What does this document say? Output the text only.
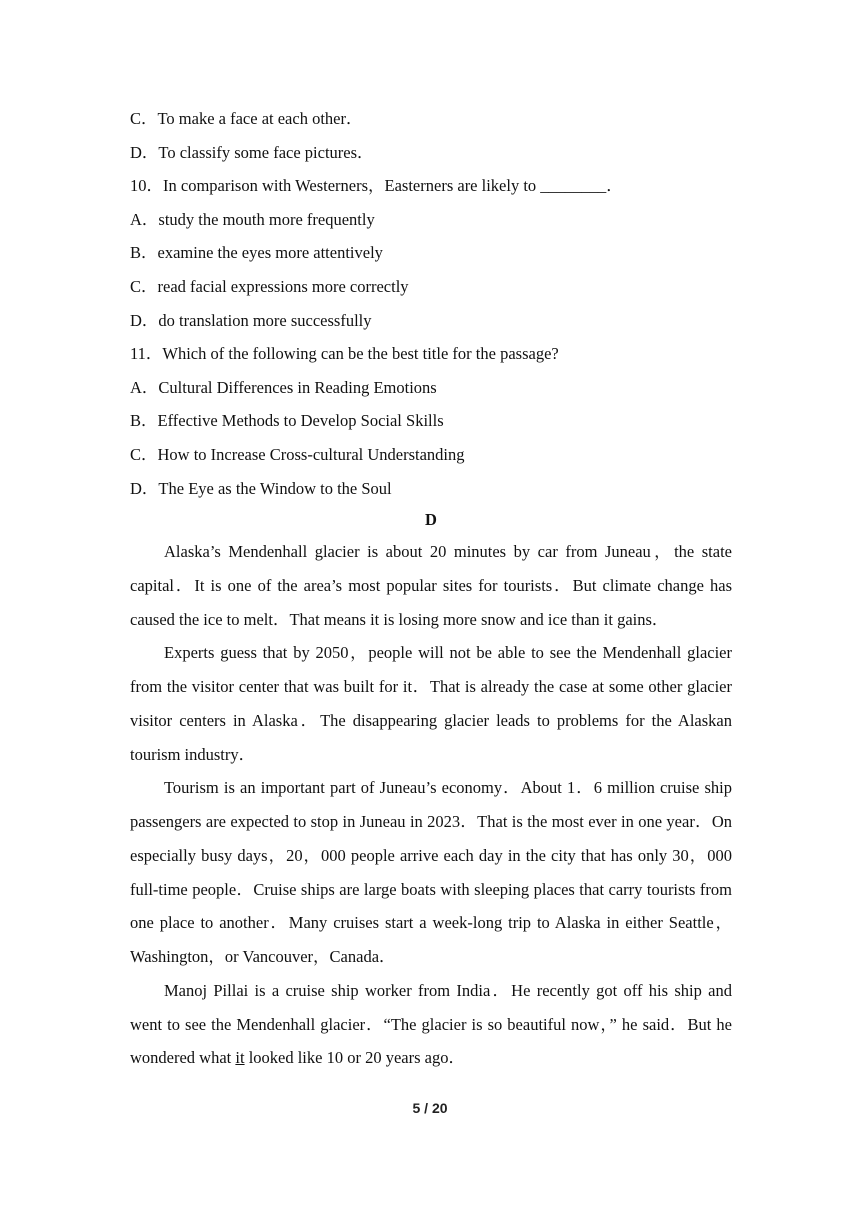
C．To make a face at each other．
D．To classify some face pictures．
10．In comparison with Westerners，Easterners are likely to ________．
A．study the mouth more frequently
B．examine the eyes more attentively
C．read facial expressions more correctly
D．do translation more successfully
11．Which of the following can be the best title for the passage?
A．Cultural Differences in Reading Emotions
B．Effective Methods to Develop Social Skills
C．How to Increase Cross-cultural Understanding
D．The Eye as the Window to the Soul
D

Alaska’s Mendenhall glacier is about 20 minutes by car from Juneau，the state capital．It is one of the area’s most popular sites for tourists．But climate change has caused the ice to melt．That means it is losing more snow and ice than it gains．

Experts guess that by 2050，people will not be able to see the Mendenhall glacier from the visitor center that was built for it．That is already the case at some other glacier visitor centers in Alaska．The disappearing glacier leads to problems for the Alaskan tourism industry．

Tourism is an important part of Juneau’s economy．About 1．6 million cruise ship passengers are expected to stop in Juneau in 2023．That is the most ever in one year．On especially busy days，20，000 people arrive each day in the city that has only 30，000 full-time people．Cruise ships are large boats with sleeping places that carry tourists from one place to another．Many cruises start a week-long trip to Alaska in either Seattle，Washington，or Vancouver，Canada．

Manoj Pillai is a cruise ship worker from India．He recently got off his ship and went to see the Mendenhall glacier．“The glacier is so beautiful now，” he said．But he wondered what it looked like 10 or 20 years ago．

5 / 20
